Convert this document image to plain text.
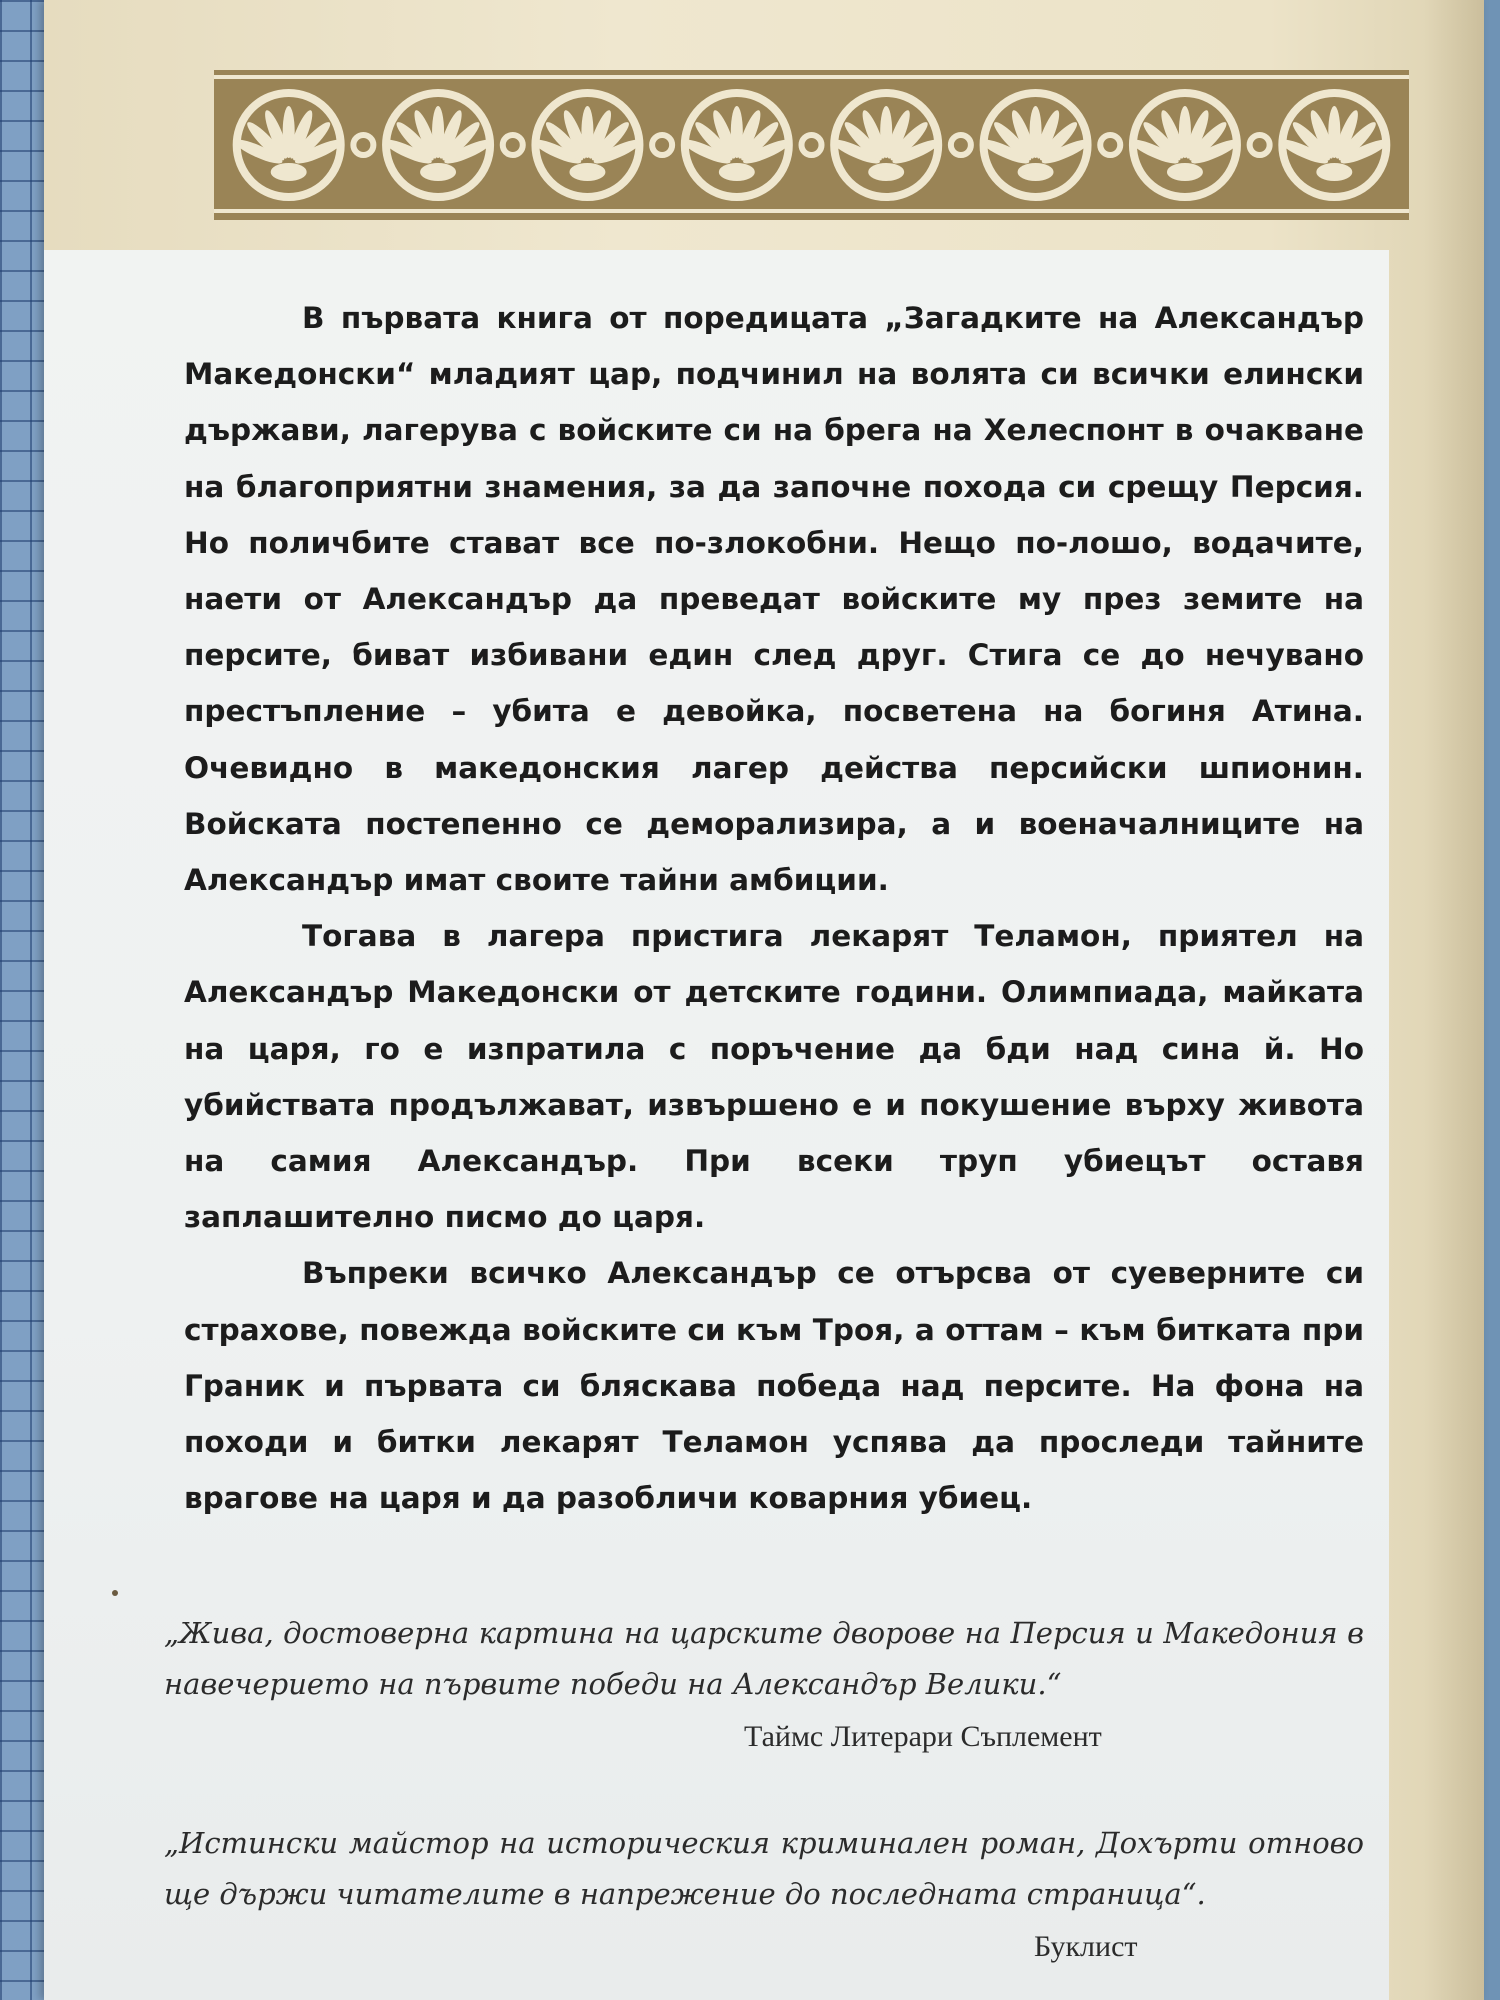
В първата книга от поредицата „Загадките на Александър Македонски“ младият цар, подчинил на волята си всички елински държави, лагерува с войските си на брега на Хелеспонт в очакване на благоприятни знамения, за да започне похода си срещу Персия. Но поличбите стават все по-злокобни. Нещо по-лошо, водачите, наети от Александър да преведат войските му през земите на персите, биват избивани един след друг. Стига се до нечувано престъпление – убита е девойка, посветена на богиня Атина. Очевидно в македонския лагер действа персийски шпионин. Войската постепенно се деморализира, а и военачалниците на Александър имат своите тайни амбиции.

Тогава в лагера пристига лекарят Теламон, приятел на Александър Македонски от детските години. Олимпиада, майката на царя, го е изпратила с поръчение да бди над сина й. Но убийствата продължават, извършено е и покушение върху живота на самия Александър. При всеки труп убиецът оставя заплашително писмо до царя.

Въпреки всичко Александър се отърсва от суеверните си страхове, повежда войските си към Троя, а оттам – към битката при Граник и първата си бляскава победа над персите. На фона на походи и битки лекарят Теламон успява да проследи тайните врагове на царя и да разобличи коварния убиец.

„Жива, достоверна картина на царските дворове на Персия и Македония в навечерието на първите победи на Александър Велики.“
Таймс Литерари Съплемент
„Истински майстор на историческия криминален роман, Дохърти отново ще държи читателите в напрежение до последната страница“.
Буклист
